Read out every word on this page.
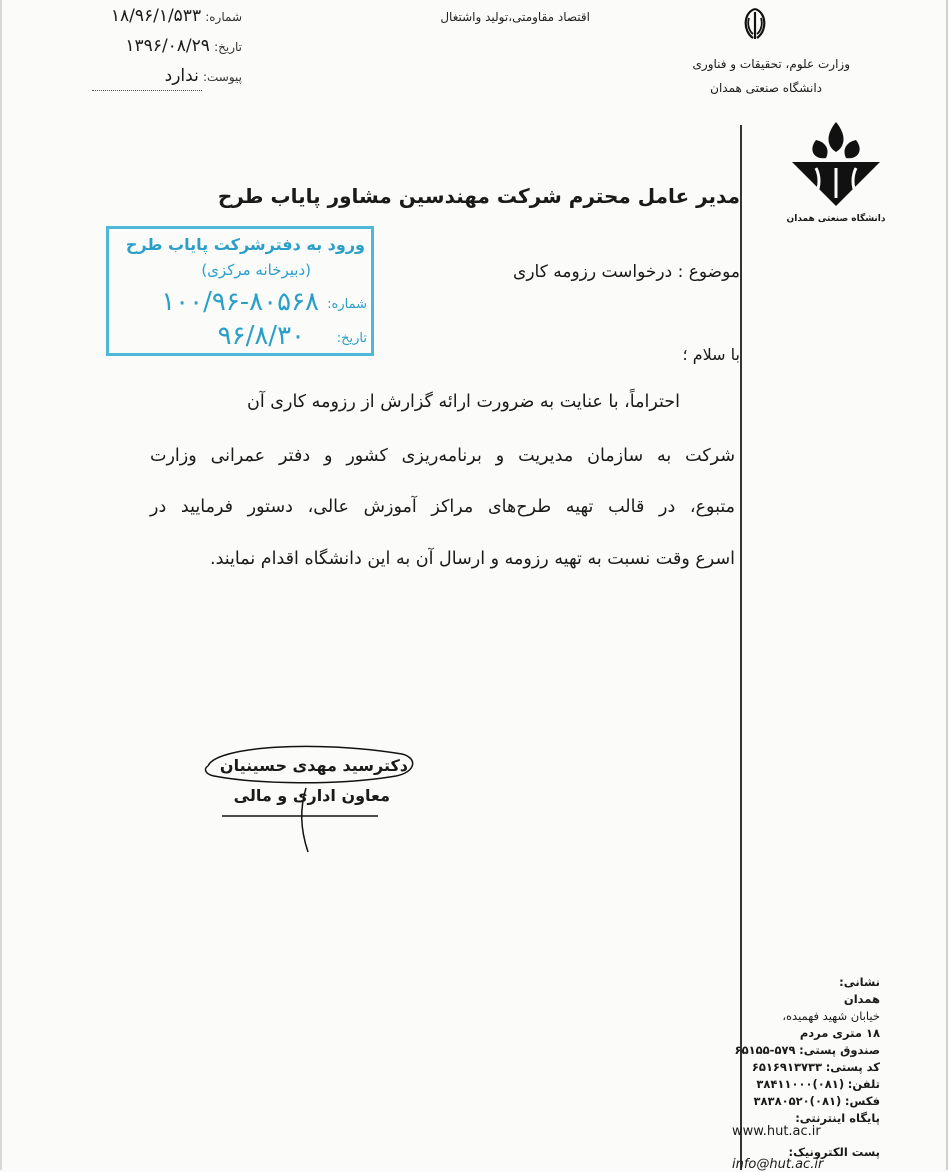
شماره: ۱۸/۹۶/۱/۵۳۳
تاریخ: ۱۳۹۶/۰۸/۲۹
پیوست: ندارد
اقتصاد مقاومتی،تولید واشتغال
وزارت علوم، تحقیقات و فناوری
دانشگاه صنعتی همدان
دانشگاه صنعتی همدان
مدیر عامل محترم شرکت مهندسین مشاور پایاب طرح
موضوع : درخواست رزومه کاری
ورود به دفترشرکت پایاب طرح
(دبیرخانه مرکزی)
شماره:
۱۰۰/۹۶-۸۰۵۶۸
تاریخ:
۹۶/۸/۳۰
با سلام ؛
احتراماً، با عنایت به ضرورت ارائه گزارش از رزومه کاری آن
شرکت به سازمان مدیریت و برنامه‌ریزی کشور و دفتر عمرانی وزارت
متبوع، در قالب تهیه طرح‌های مراکز آموزش عالی، دستور فرمایید در
اسرع وقت نسبت به تهیه رزومه و ارسال آن به این دانشگاه اقدام نمایند.
دکترسید مهدی حسینیان
معاون اداری و مالی
نشانی:
همدان
خیابان شهید فهمیده،
۱۸ متری مردم
صندوق پستی: ۵۷۹-۶۵۱۵۵
کد پستی: ۶۵۱۶۹۱۳۷۳۳
تلفن: (۰۸۱)۳۸۴۱۱۰۰۰
فکس: (۰۸۱)۳۸۳۸۰۵۲۰
پایگاه اینترنتی:
www.hut.ac.ir
پست الکترونیک:
info@hut.ac.ir
